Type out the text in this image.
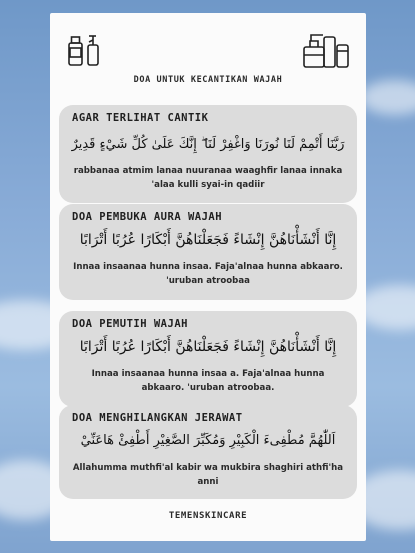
DOA UNTUK KECANTIKAN WAJAH
AGAR TERLIHAT CANTIK
رَبَّنَا أَتْمِمْ لَنَا نُورَنَا وَاغْفِرْ لَنَا ۖ إِنَّكَ عَلَىٰ كُلِّ شَيْءٍ قَدِيرٌ
rabbanaa atmim lanaa nuuranaa waaghfir lanaa innaka 'alaa kulli syai-in qadiir
DOA PEMBUKA AURA WAJAH
إِنَّا أَنْشَأْنَاهُنَّ إِنْشَاءً فَجَعَلْنَاهُنَّ أَبْكَارًا عُرُبًا أَتْرَابًا
Innaa insaanaa hunna insaa. Faja'alnaa hunna abkaaro. 'uruban atroobaa
DOA PEMUTIH WAJAH
إِنَّا أَنْشَأْنَاهُنَّ إِنْشَاءً فَجَعَلْنَاهُنَّ أَبْكَارًا عُرُبًا أَتْرَابًا
Innaa insaanaa hunna insaa a. Faja'alnaa hunna abkaaro. 'uruban atroobaa.
DOA MENGHILANGKAN JERAWAT
اَللّٰهُمَّ مُطْفِىءَ الْكَبِيْرِ وَمُكَبِّرَ الصَّغِيْرِ أَطْفِئْ هَاعَنِّيْ
Allahumma muthfi'al kabir wa mukbira shaghiri athfi'ha anni
TEMENSKINCARE
